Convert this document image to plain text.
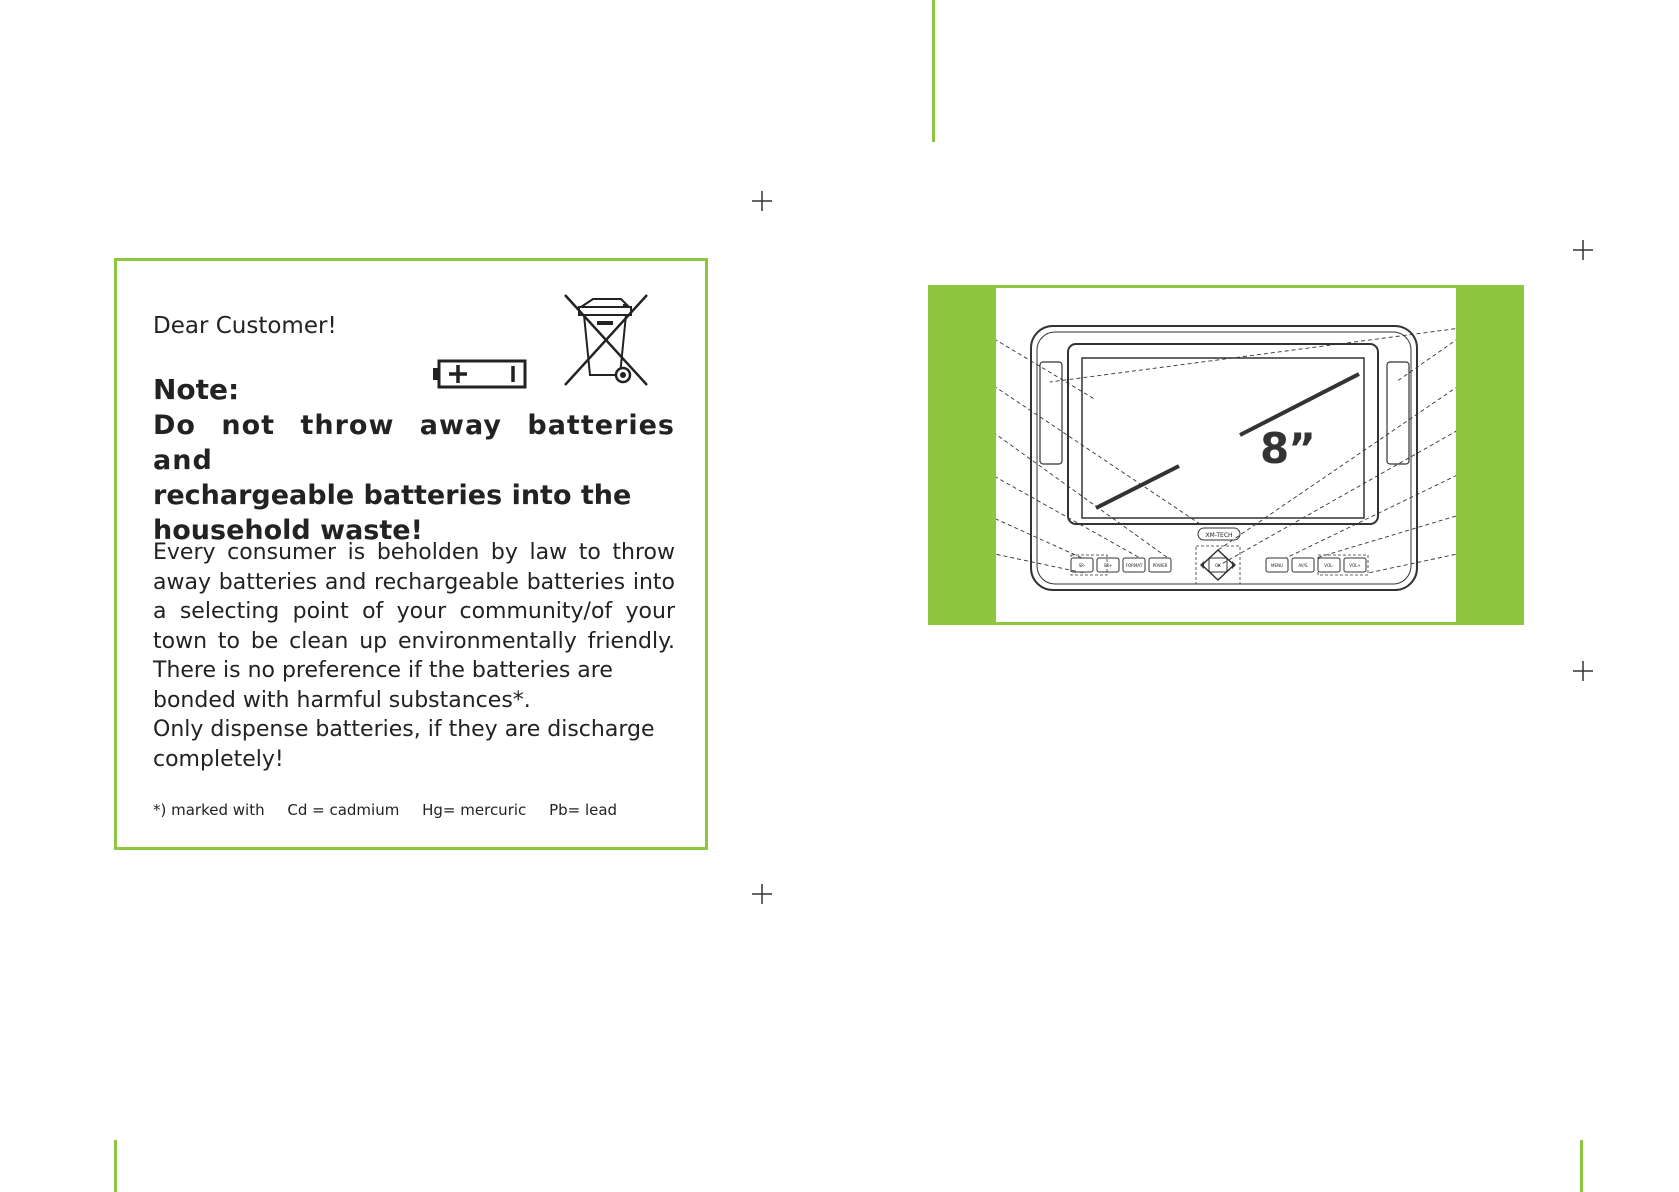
Dear Customer!
Note:
Do not throw away batteries and
rechargeable batteries into the
household waste!
Every consumer is beholden by law to throw
away batteries and rechargeable batteries into
a selecting point of your community/of your
town to be clean up environmentally friendly.
There is no preference if the batteries are
bonded with harmful substances*.
Only dispense batteries, if they are discharge
completely!
*) marked with Cd = cadmium Hg= mercuric Pb= lead
SR-	SR+	FORMAT	POWER	OK	MENU	AV/S	VOL-	VOL+
XM-TECH
8”
